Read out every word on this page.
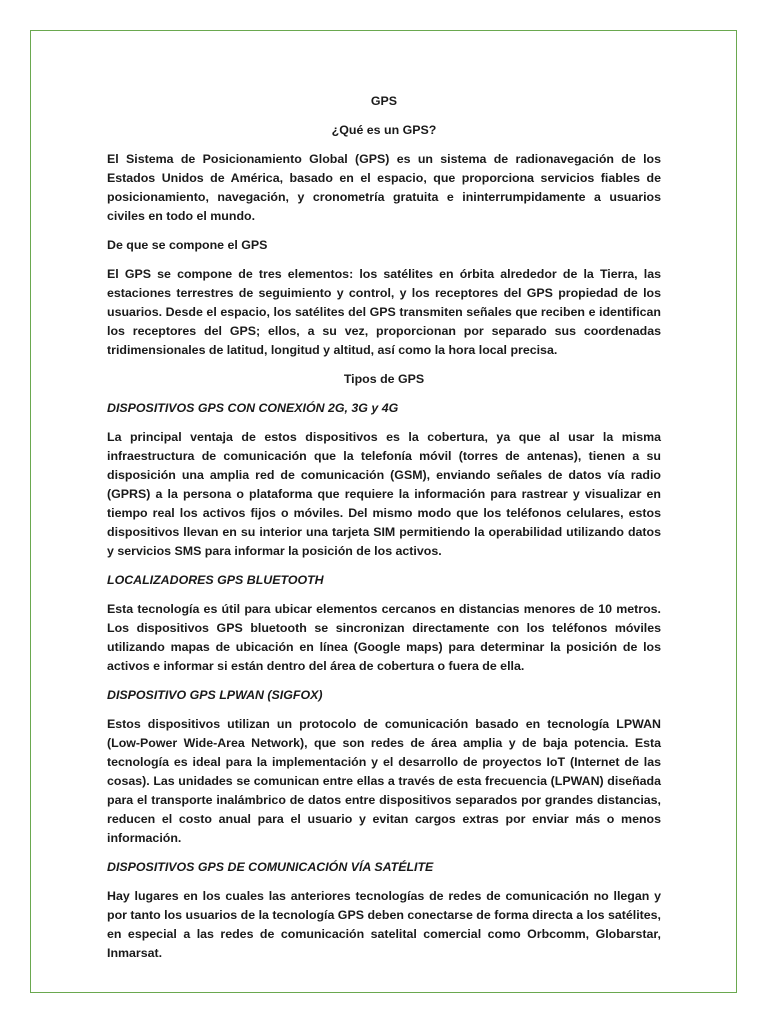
GPS

¿Qué es un GPS?

El Sistema de Posicionamiento Global (GPS) es un sistema de radionavegación de los Estados Unidos de América, basado en el espacio, que proporciona servicios fiables de posicionamiento, navegación, y cronometría gratuita e ininterrumpidamente a usuarios civiles en todo el mundo.

De que se compone el GPS

El GPS se compone de tres elementos: los satélites en órbita alrededor de la Tierra, las estaciones terrestres de seguimiento y control, y los receptores del GPS propiedad de los usuarios. Desde el espacio, los satélites del GPS transmiten señales que reciben e identifican los receptores del GPS; ellos, a su vez, proporcionan por separado sus coordenadas tridimensionales de latitud, longitud y altitud, así como la hora local precisa.

Tipos de GPS

DISPOSITIVOS GPS CON CONEXIÓN 2G, 3G y 4G

La principal ventaja de estos dispositivos es la cobertura, ya que al usar la misma infraestructura de comunicación que la telefonía móvil (torres de antenas), tienen a su disposición una amplia red de comunicación (GSM), enviando señales de datos vía radio (GPRS) a la persona o plataforma que requiere la información para rastrear y visualizar en tiempo real los activos fijos o móviles. Del mismo modo que los teléfonos celulares, estos dispositivos llevan en su interior una tarjeta SIM permitiendo la operabilidad utilizando datos y servicios SMS para informar la posición de los activos.

LOCALIZADORES GPS BLUETOOTH

Esta tecnología es útil para ubicar elementos cercanos en distancias menores de 10 metros. Los dispositivos GPS bluetooth se sincronizan directamente con los teléfonos móviles utilizando mapas de ubicación en línea (Google maps) para determinar la posición de los activos e informar si están dentro del área de cobertura o fuera de ella.

DISPOSITIVO GPS LPWAN (SIGFOX)

Estos dispositivos utilizan un protocolo de comunicación basado en tecnología LPWAN (Low-Power Wide-Area Network), que son redes de área amplia y de baja potencia. Esta tecnología es ideal para la implementación y el desarrollo de proyectos IoT (Internet de las cosas). Las unidades se comunican entre ellas a través de esta frecuencia (LPWAN) diseñada para el transporte inalámbrico de datos entre dispositivos separados por grandes distancias, reducen el costo anual para el usuario y evitan cargos extras por enviar más o menos información.

DISPOSITIVOS GPS DE COMUNICACIÓN VÍA SATÉLITE

Hay lugares en los cuales las anteriores tecnologías de redes de comunicación no llegan y por tanto los usuarios de la tecnología GPS deben conectarse de forma directa a los satélites, en especial a las redes de comunicación satelital comercial como Orbcomm, Globarstar, Inmarsat.
